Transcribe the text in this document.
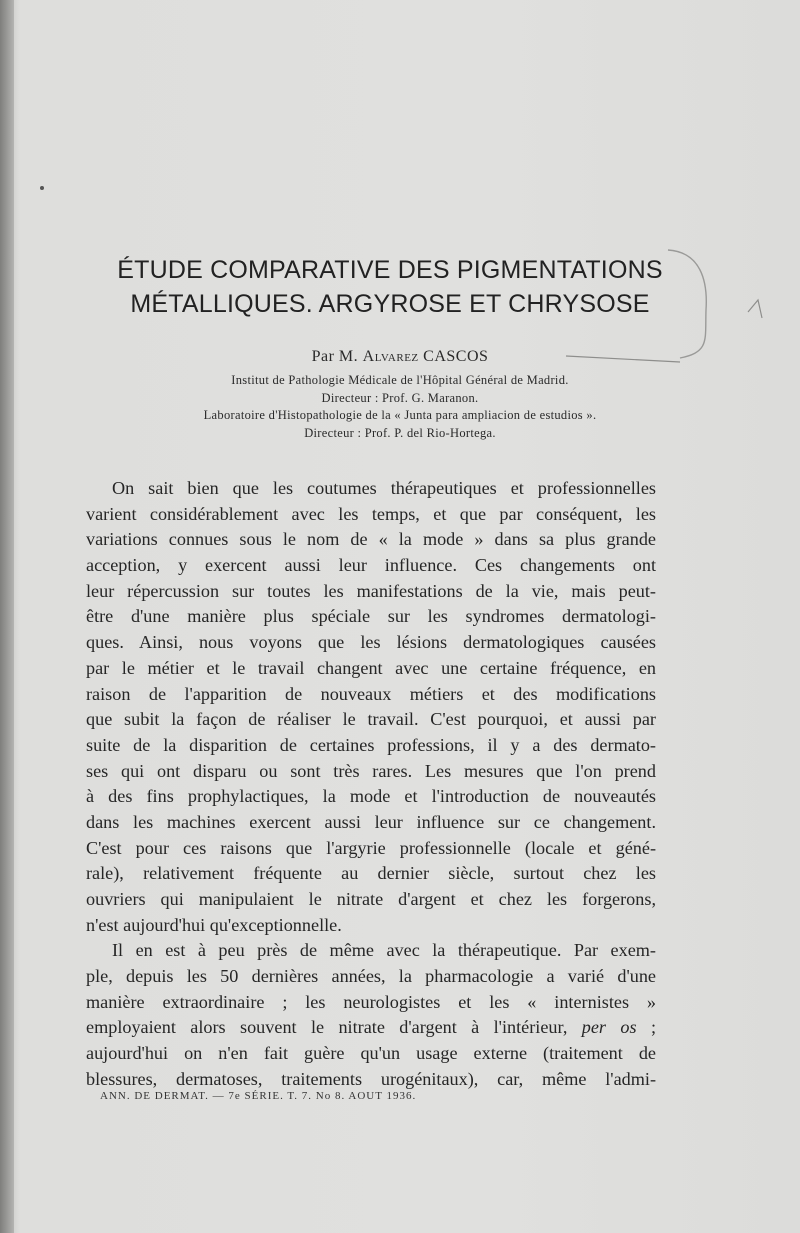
ÉTUDE COMPARATIVE DES PIGMENTATIONS
MÉTALLIQUES. ARGYROSE ET CHRYSOSE
Par M. Alvarez CASCOS
Institut de Pathologie Médicale de l'Hôpital Général de Madrid.
Directeur : Prof. G. Maranon.
Laboratoire d'Histopathologie de la « Junta para ampliacion de estudios ».
Directeur : Prof. P. del Rio-Hortega.
On sait bien que les coutumes thérapeutiques et professionnelles
varient considérablement avec les temps, et que par conséquent, les
variations connues sous le nom de « la mode » dans sa plus grande
acception, y exercent aussi leur influence. Ces changements ont
leur répercussion sur toutes les manifestations de la vie, mais peut-
être d'une manière plus spéciale sur les syndromes dermatologi-
ques. Ainsi, nous voyons que les lésions dermatologiques causées
par le métier et le travail changent avec une certaine fréquence, en
raison de l'apparition de nouveaux métiers et des modifications
que subit la façon de réaliser le travail. C'est pourquoi, et aussi par
suite de la disparition de certaines professions, il y a des dermato-
ses qui ont disparu ou sont très rares. Les mesures que l'on prend
à des fins prophylactiques, la mode et l'introduction de nouveautés
dans les machines exercent aussi leur influence sur ce changement.
C'est pour ces raisons que l'argyrie professionnelle (locale et géné-
rale), relativement fréquente au dernier siècle, surtout chez les
ouvriers qui manipulaient le nitrate d'argent et chez les forgerons,
n'est aujourd'hui qu'exceptionnelle.
Il en est à peu près de même avec la thérapeutique. Par exem-
ple, depuis les 50 dernières années, la pharmacologie a varié d'une
manière extraordinaire ; les neurologistes et les « internistes »
employaient alors souvent le nitrate d'argent à l'intérieur, per os ;
aujourd'hui on n'en fait guère qu'un usage externe (traitement de
blessures, dermatoses, traitements urogénitaux), car, même l'admi-
ANN. DE DERMAT. — 7e SÉRIE. T. 7. No 8. AOUT 1936.
